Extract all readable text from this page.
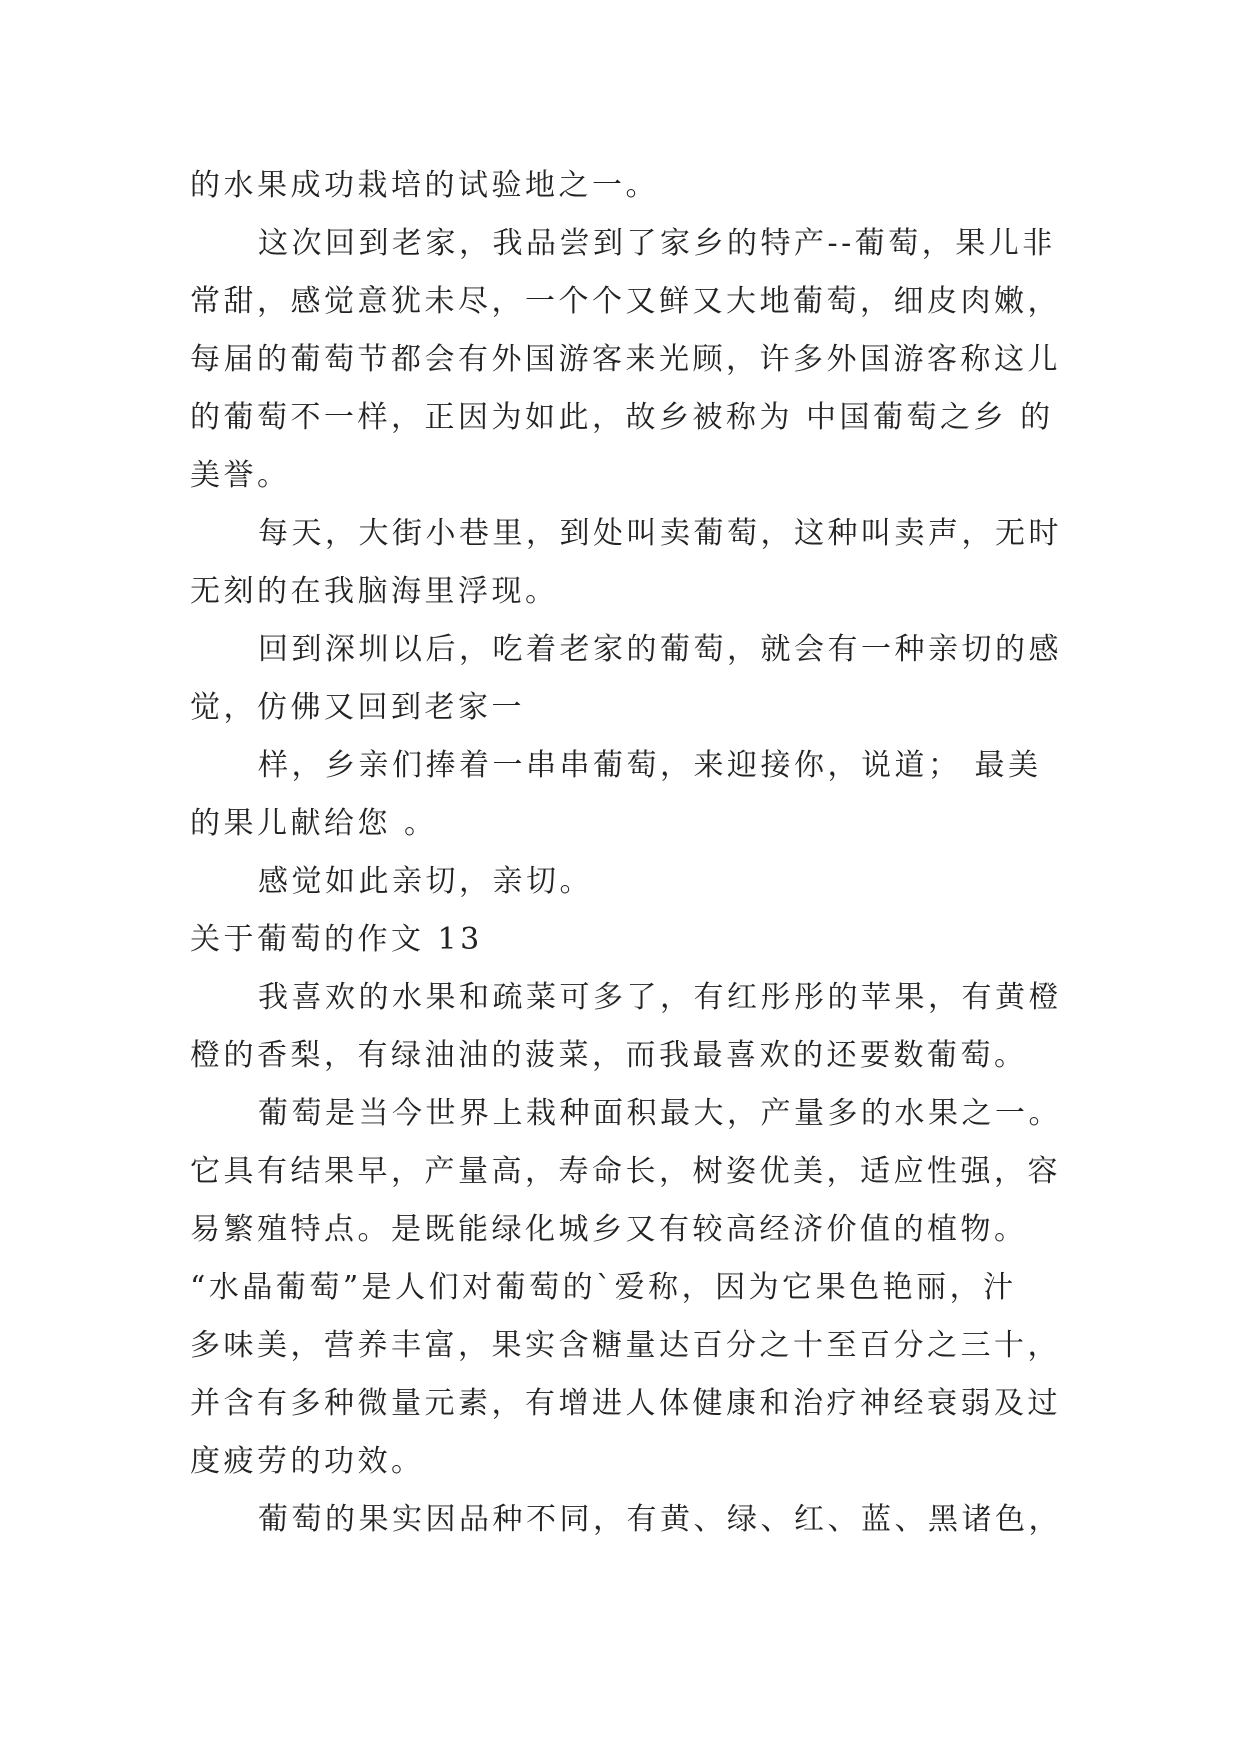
的水果成功栽培的试验地之一。
这次回到老家，我品尝到了家乡的特产--葡萄，果儿非
常甜，感觉意犹未尽，一个个又鲜又大地葡萄，细皮肉嫩，
每届的葡萄节都会有外国游客来光顾，许多外国游客称这儿
的葡萄不一样，正因为如此，故乡被称为 中国葡萄之乡 的
美誉。
每天，大街小巷里，到处叫卖葡萄，这种叫卖声，无时
无刻的在我脑海里浮现。
回到深圳以后，吃着老家的葡萄，就会有一种亲切的感
觉，仿佛又回到老家一
样，乡亲们捧着一串串葡萄，来迎接你，说道； 最美
的果儿献给您 。
感觉如此亲切，亲切。
关于葡萄的作文 13
我喜欢的水果和疏菜可多了，有红彤彤的苹果，有黄橙
橙的香梨，有绿油油的菠菜，而我最喜欢的还要数葡萄。
葡萄是当今世界上栽种面积最大，产量多的水果之一。
它具有结果早，产量高，寿命长，树姿优美，适应性强，容
易繁殖特点。是既能绿化城乡又有较高经济价值的植物。
“水晶葡萄”是人们对葡萄的`爱称，因为它果色艳丽，汁
多味美，营养丰富，果实含糖量达百分之十至百分之三十，
并含有多种微量元素，有增进人体健康和治疗神经衰弱及过
度疲劳的功效。
葡萄的果实因品种不同，有黄、绿、红、蓝、黑诸色，
